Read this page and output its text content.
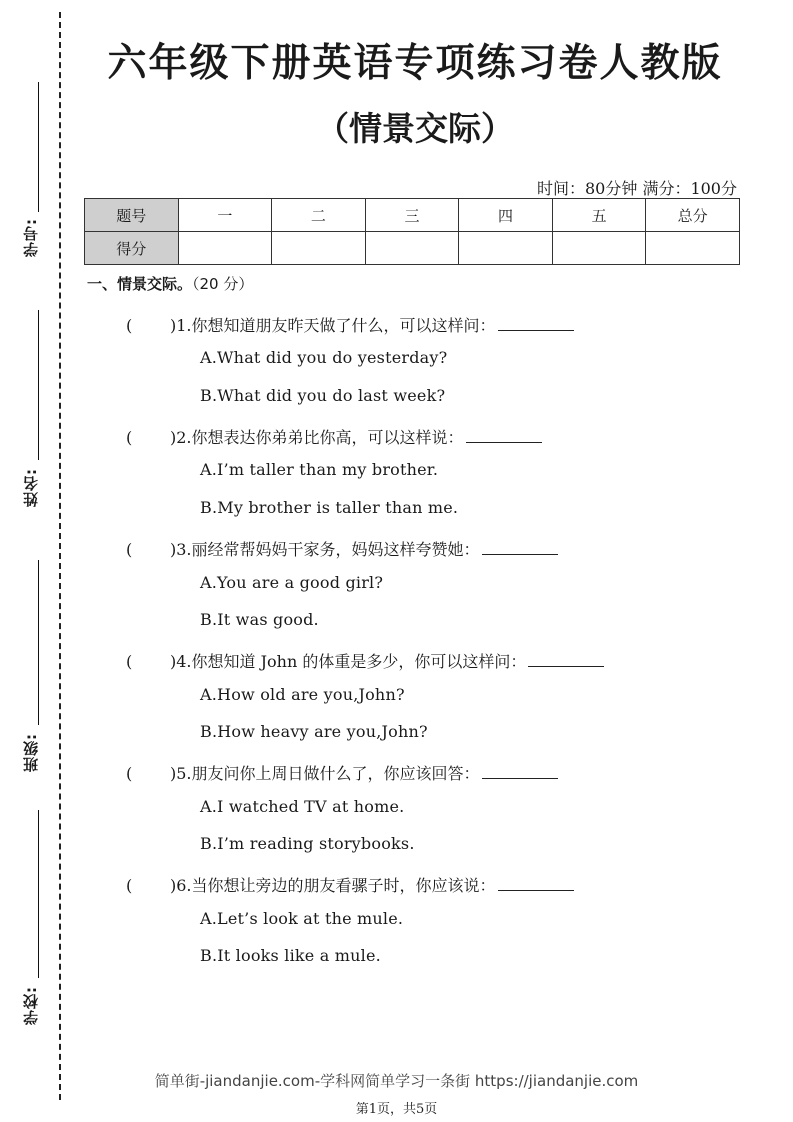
学号:
姓名:
班级:
学校:
六年级下册英语专项练习卷人教版
（情景交际）
时间：80分钟 满分：100分
题号	一	二	三	四	五	总分
得分						
一、情景交际。（20 分）
( )1.你想知道朋友昨天做了什么，可以这样问：
A.What did you do yesterday?
B.What did you do last week?
( )2.你想表达你弟弟比你高，可以这样说：
A.I’m taller than my brother.
B.My brother is taller than me.
( )3.丽经常帮妈妈干家务，妈妈这样夸赞她：
A.You are a good girl?
B.It was good.
( )4.你想知道 John 的体重是多少，你可以这样问：
A.How old are you,John?
B.How heavy are you,John?
( )5.朋友问你上周日做什么了，你应该回答：
A.I watched TV at home.
B.I’m reading storybooks.
( )6.当你想让旁边的朋友看骡子时，你应该说：
A.Let’s look at the mule.
B.It looks like a mule.
简单街-jiandanjie.com-学科网简单学习一条街 https://jiandanjie.com
第1页，共5页
